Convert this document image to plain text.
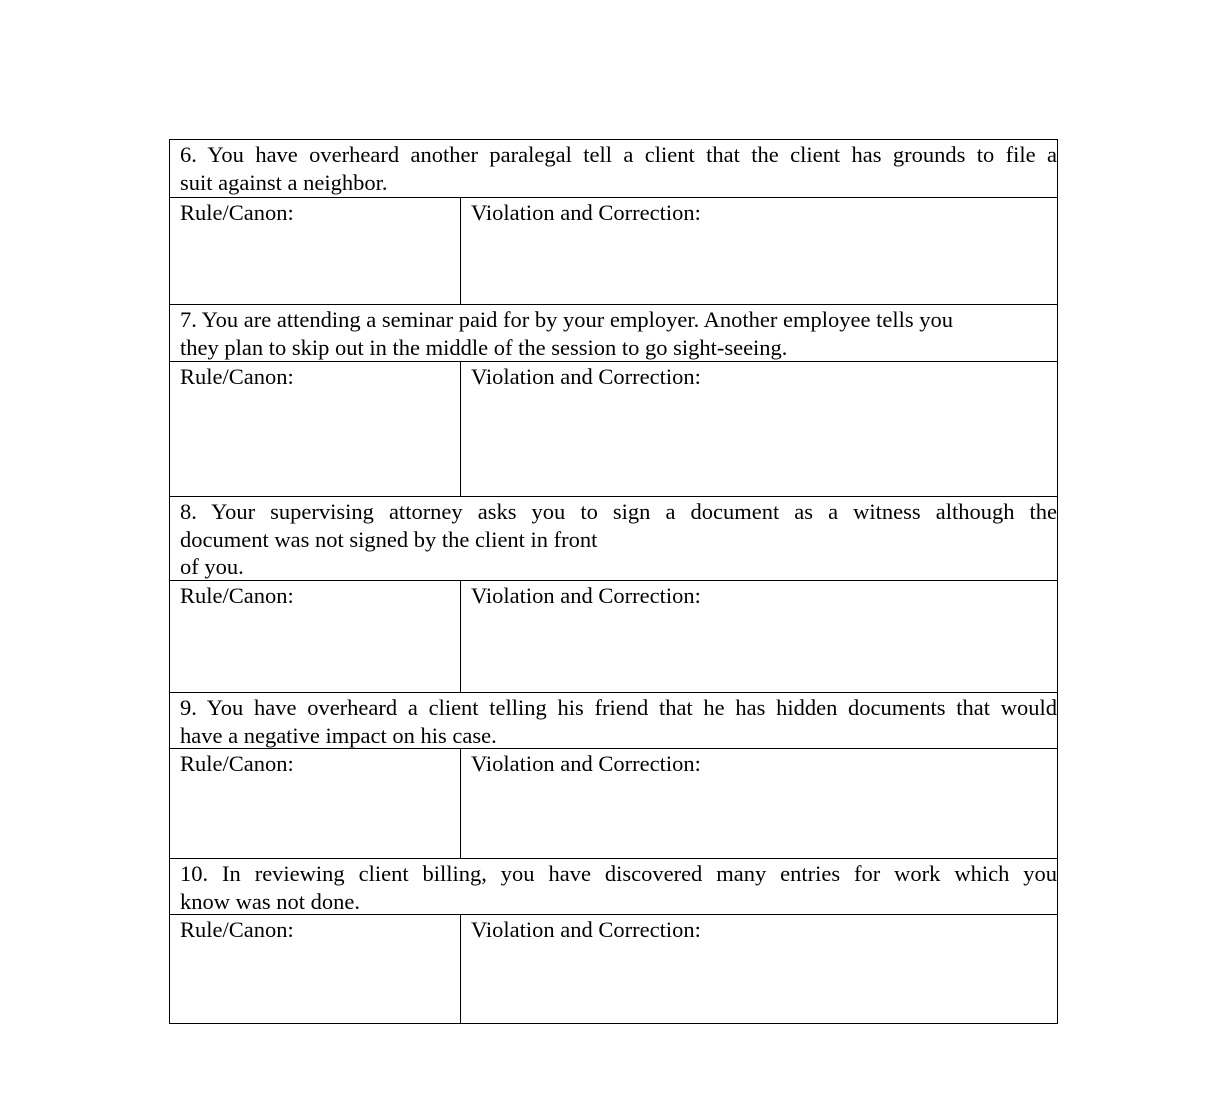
6. You have overheard another paralegal tell a client that the client has grounds to file a
suit against a neighbor.

Rule/Canon:	Violation and Correction:

7. You are attending a seminar paid for by your employer. Another employee tells you
they plan to skip out in the middle of the session to go sight-seeing.

Rule/Canon:	Violation and Correction:

8. Your supervising attorney asks you to sign a document as a witness although the
document was not signed by the client in front
of you.

Rule/Canon:	Violation and Correction:

9. You have overheard a client telling his friend that he has hidden documents that would
have a negative impact on his case.

Rule/Canon:	Violation and Correction:

10. In reviewing client billing, you have discovered many entries for work which you
know was not done.

Rule/Canon:	Violation and Correction:
